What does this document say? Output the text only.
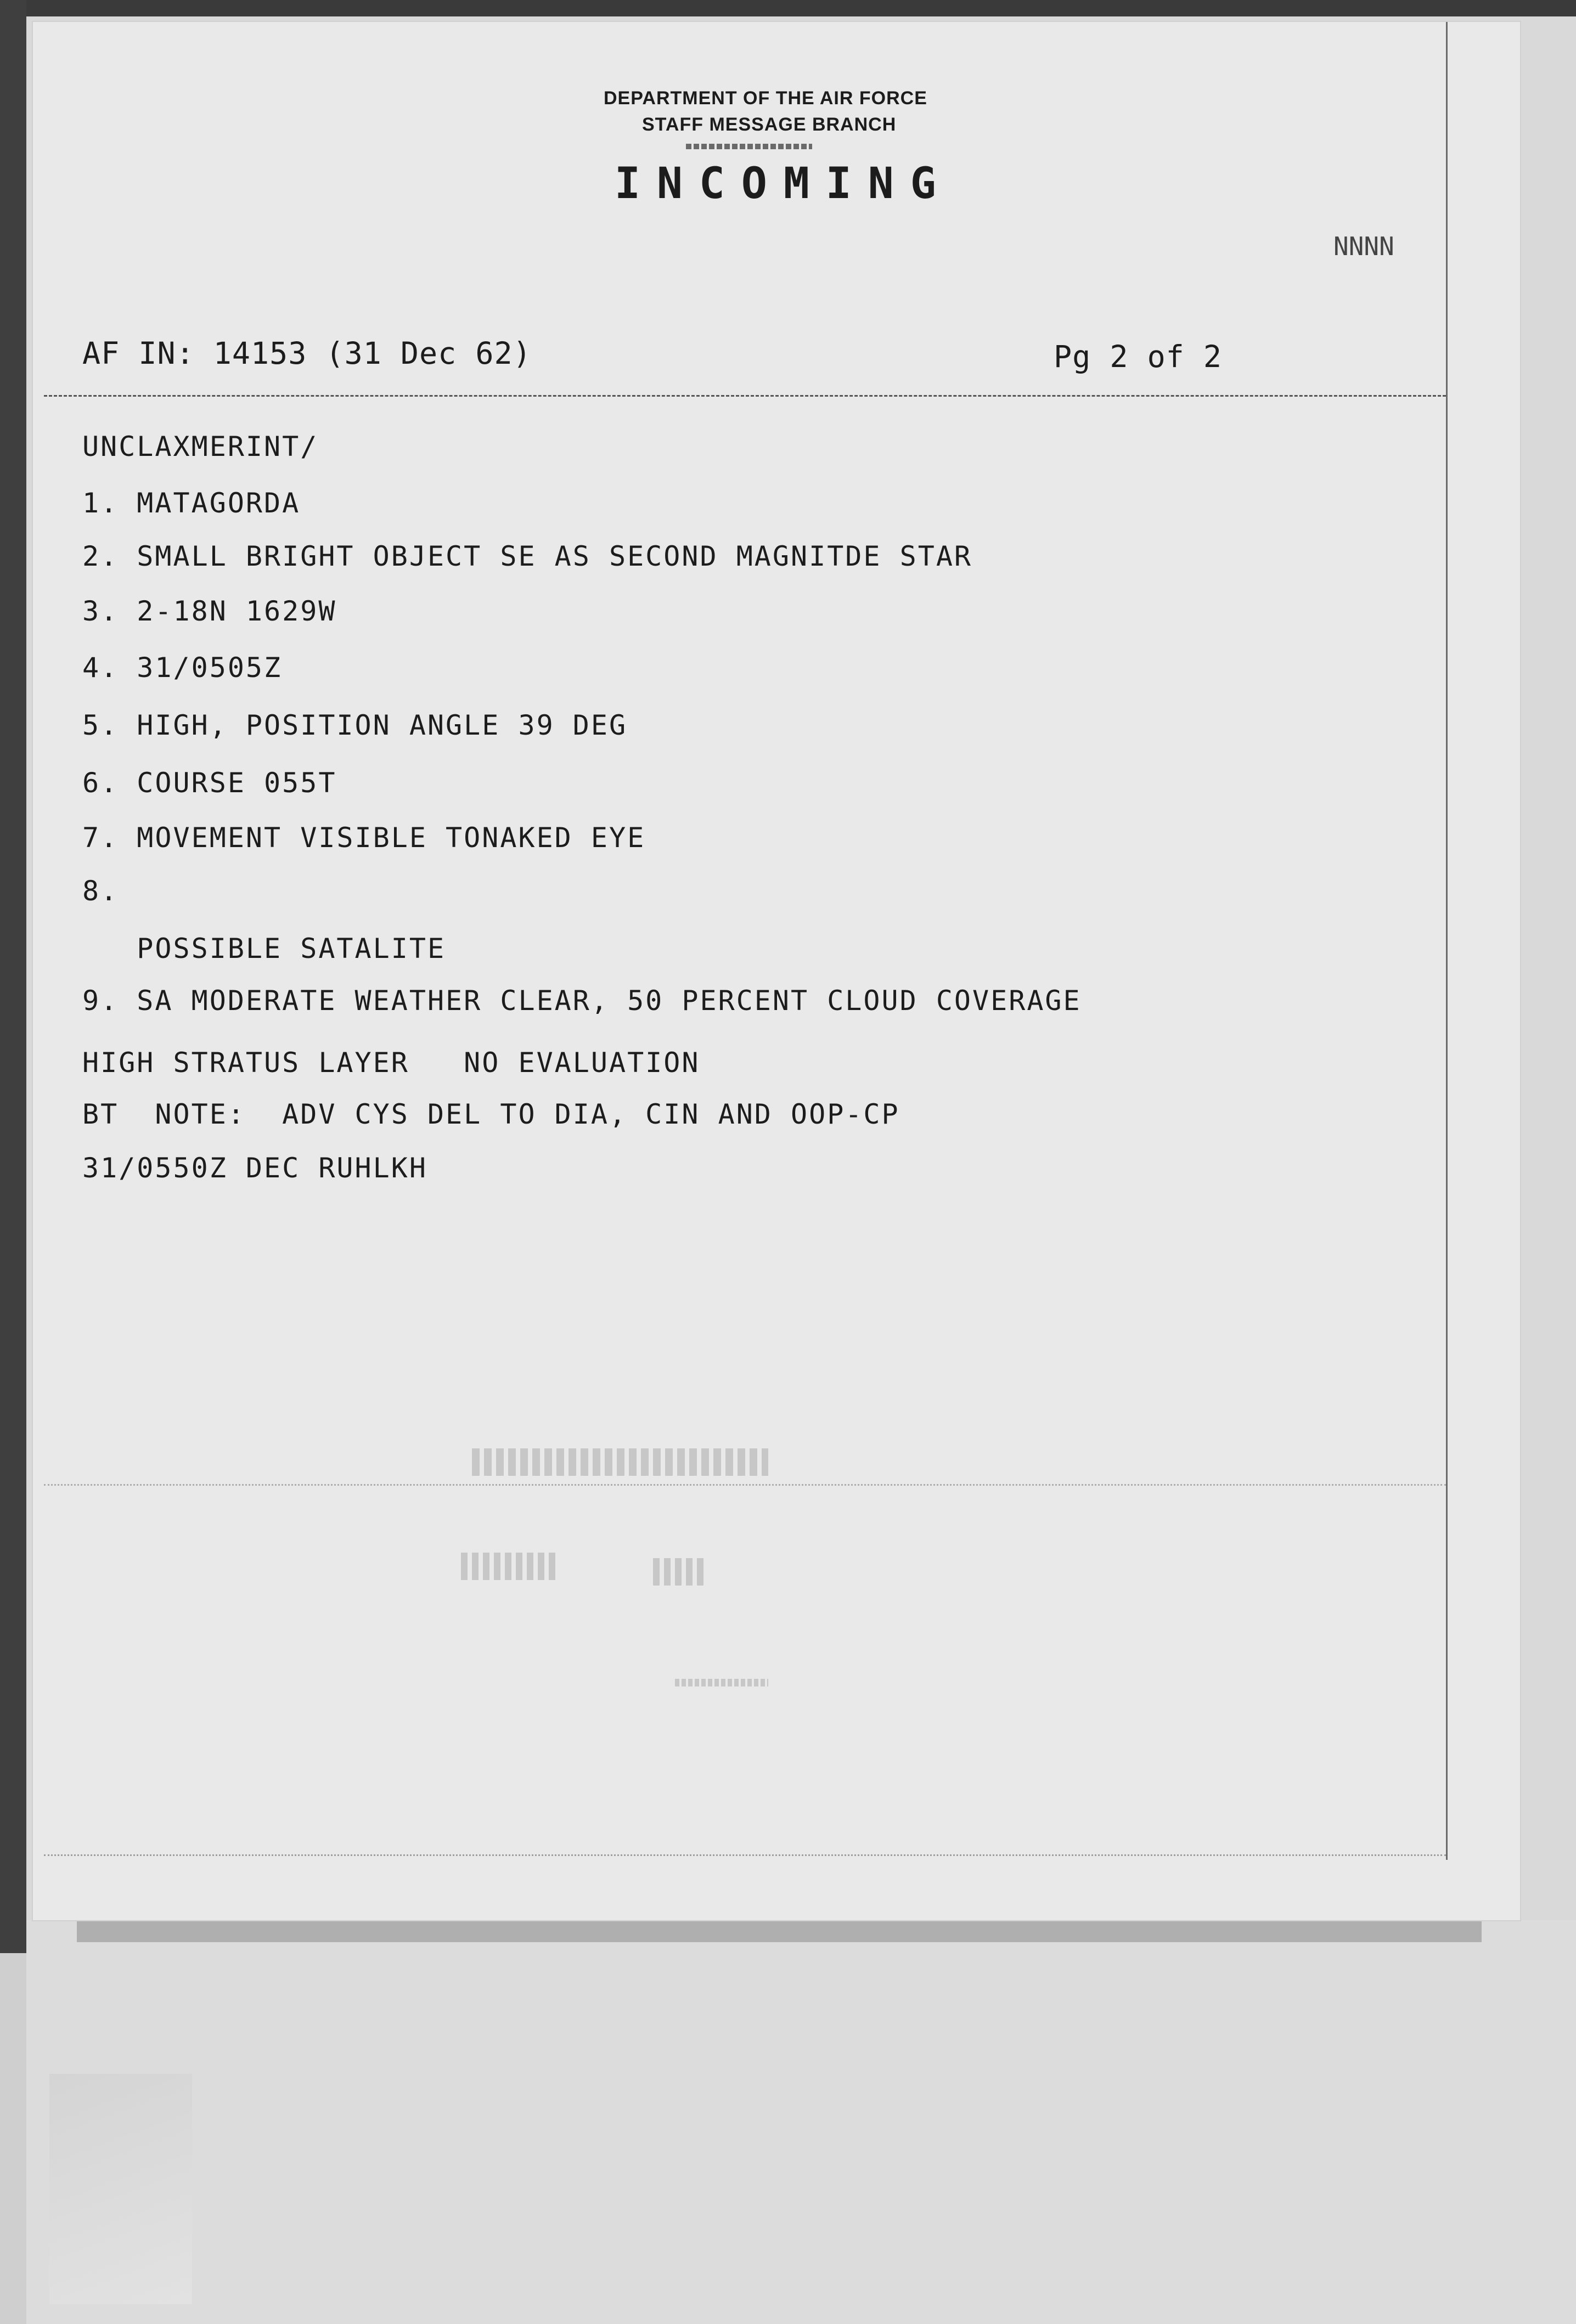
DEPARTMENT OF THE AIR FORCE
STAFF MESSAGE BRANCH
INCOMING
NNNN
AF IN: 14153 (31 Dec 62)	Pg 2 of 2
UNCLAXMERINT/
1. MATAGORDA
2. SMALL BRIGHT OBJECT SE AS SECOND MAGNITDE STAR
3. 2-18N 1629W
4. 31/0505Z
5. HIGH, POSITION ANGLE 39 DEG
6. COURSE 055T
7. MOVEMENT VISIBLE TONAKED EYE
8.
POSSIBLE SATALITE
9. SA MODERATE WEATHER CLEAR, 50 PERCENT CLOUD COVERAGE
HIGH STRATUS LAYER   NO EVALUATION
BT  NOTE:  ADV CYS DEL TO DIA, CIN AND OOP-CP
31/0550Z DEC RUHLKH
